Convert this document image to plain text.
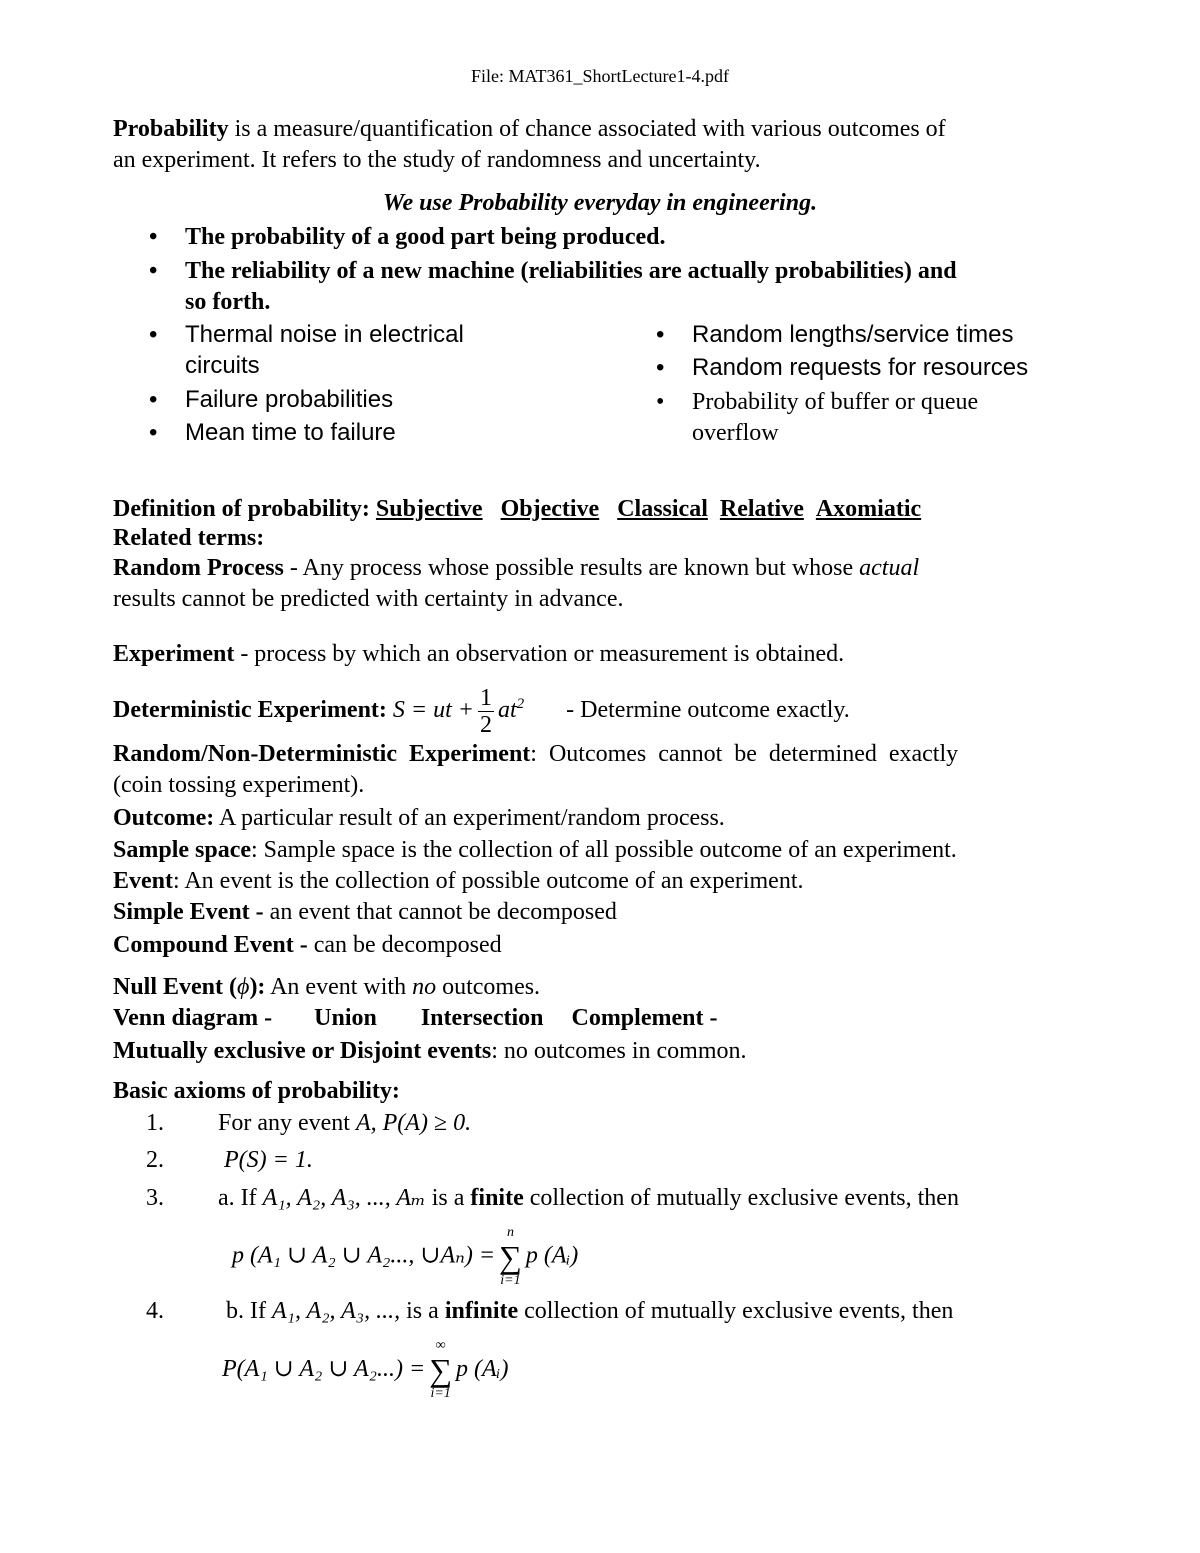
File: MAT361_ShortLecture1-4.pdf
Probability is a measure/quantification of chance associated with various outcomes of
an experiment. It refers to the study of randomness and uncertainty.
We use Probability everyday in engineering.
• The probability of a good part being produced.
• The reliability of a new machine (reliabilities are actually probabilities) and
so forth.
• Thermal noise in electrical
circuits
• Failure probabilities
• Mean time to failure
• Random lengths/service times
• Random requests for resources
• Probability of buffer or queue
overflow
Definition of probability: Subjective Objective Classical Relative Axomiatic
Related terms:
Random Process - Any process whose possible results are known but whose actual
results cannot be predicted with certainty in advance.
Experiment - process by which an observation or measurement is obtained.
Deterministic Experiment: S = ut + $\frac{1}{2} at^2$ - Determine outcome exactly.
Random/Non-Deterministic Experiment: Outcomes cannot be determined exactly
(coin tossing experiment).
Outcome: A particular result of an experiment/random process.
Sample space: Sample space is the collection of all possible outcome of an experiment.
Event: An event is the collection of possible outcome of an experiment.
Simple Event - an event that cannot be decomposed
Compound Event - can be decomposed
Null Event (ϕ): An event with no outcomes.
Venn diagram - Union Intersection Complement -
Mutually exclusive or Disjoint events: no outcomes in common.
Basic axioms of probability:
1. For any event A, P(A) ≥ 0.
2.	P(S) = 1.
3. a. If A₁, A₂, A₃, ..., Aₘ is a finite collection of mutually exclusive events, then
p (A₁ ∪ A₂ ∪ A₂..., ∪Aₙ) =
n
∑
i=1
p (Aᵢ)
4.	b. If A₁, A₂, A₃, ..., is a infinite collection of mutually exclusive events, then
P(A₁ ∪ A₂ ∪ A₂...) =
∞
∑
i=1
p (Aᵢ)
